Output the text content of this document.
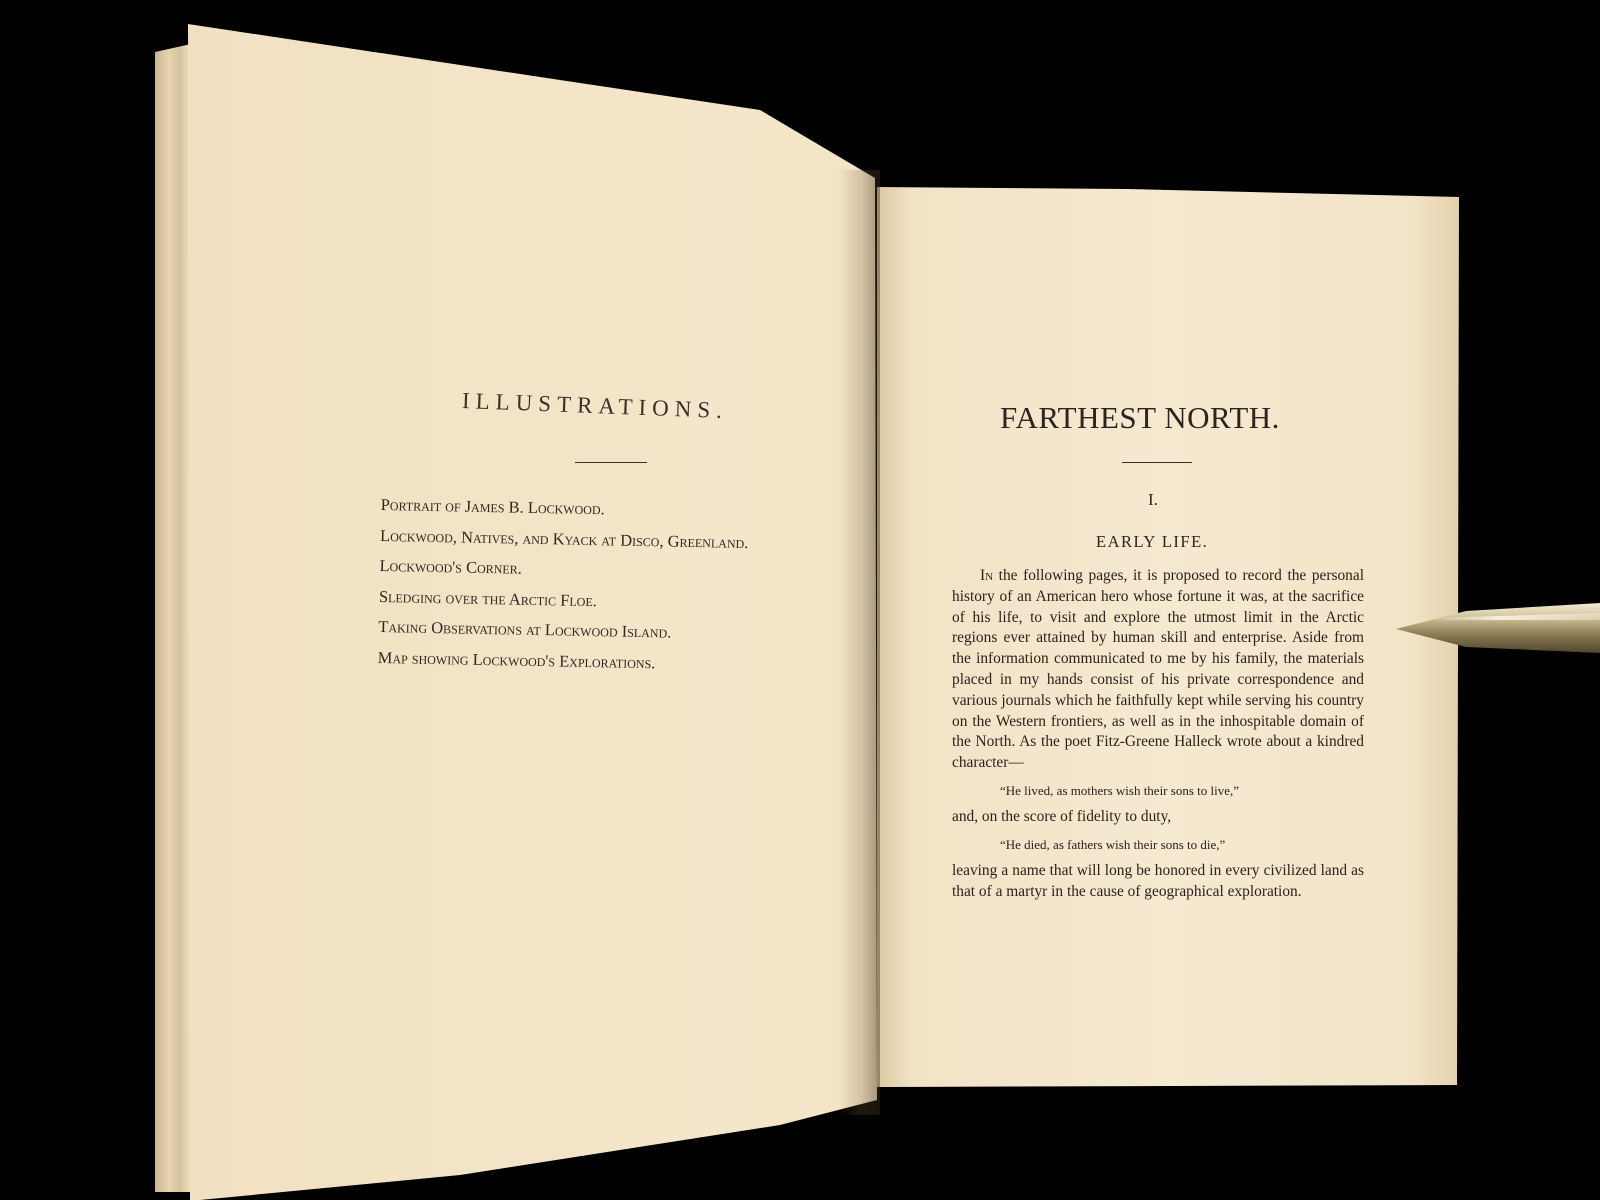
ILLUSTRATIONS.
Portrait of James B. Lockwood.
Lockwood, Natives, and Kyack at Disco, Greenland.
Lockwood's Corner.
Sledging over the Arctic Floe.
Taking Observations at Lockwood Island.
Map showing Lockwood's Explorations.
FARTHEST NORTH.
I.
EARLY LIFE.

In the following pages, it is proposed to record the personal history of an American hero whose fortune it was, at the sacrifice of his life, to visit and explore the utmost limit in the Arctic regions ever attained by human skill and enterprise. Aside from the information communicated to me by his family, the materials placed in my hands consist of his private correspondence and various journals which he faithfully kept while serving his country on the Western frontiers, as well as in the inhospitable domain of the North. As the poet Fitz-Greene Halleck wrote about a kindred character—

“He lived, as mothers wish their sons to live,”

and, on the score of fidelity to duty,

“He died, as fathers wish their sons to die,”

leaving a name that will long be honored in every civilized land as that of a martyr in the cause of geographical exploration.
